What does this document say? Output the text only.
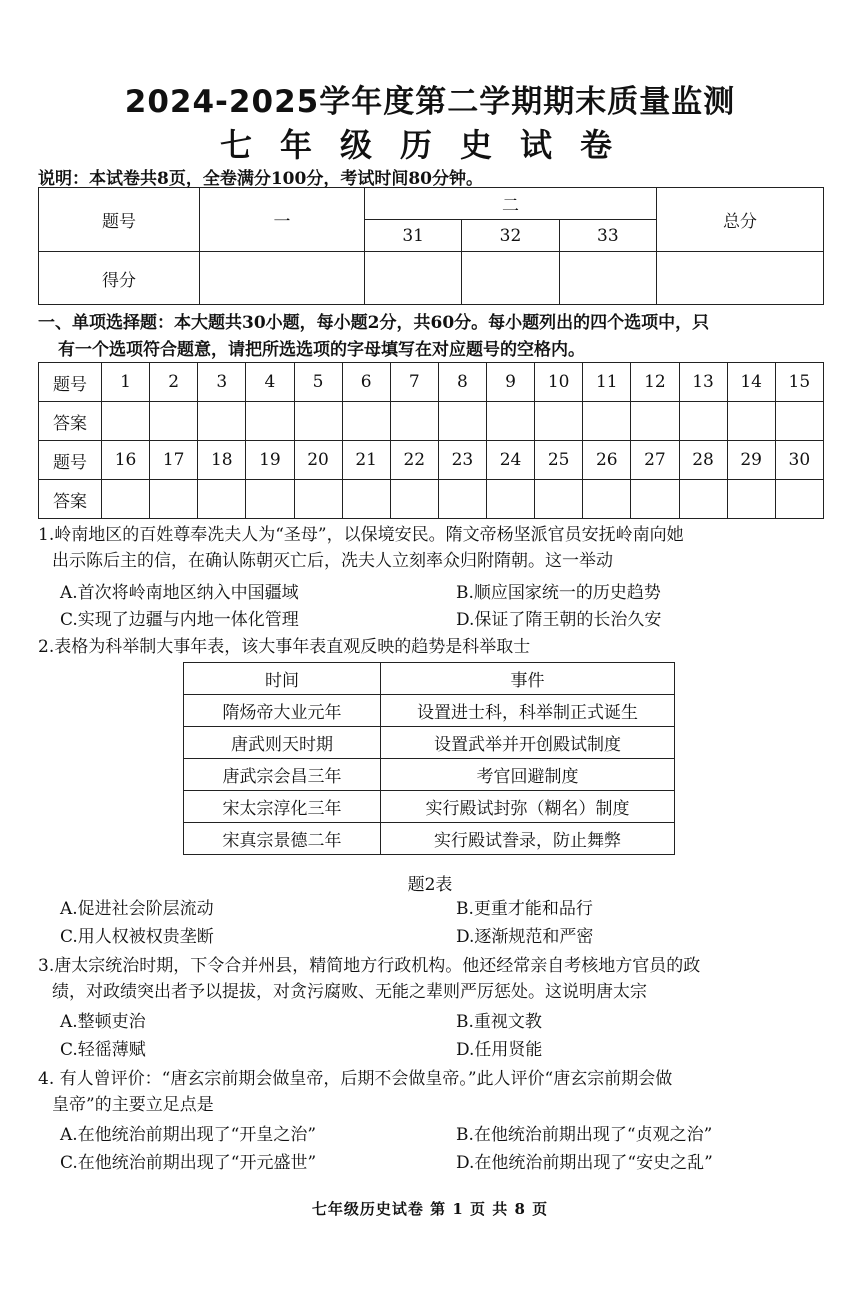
2024-2025学年度第二学期期末质量监测
七年级历史试卷
说明：本试卷共8页，全卷满分100分，考试时间80分钟。
题号	一	二			总分
		31	32	33	
得分					
一、单项选择题：本大题共30小题，每小题2分，共60分。每小题列出的四个选项中，只
有一个选项符合题意，请把所选选项的字母填写在对应题号的空格内。
题号	1	2	3	4	5	6	7	8	9	10	11	12	13	14	15
答案															
题号	16	17	18	19	20	21	22	23	24	25	26	27	28	29	30
答案															
1.岭南地区的百姓尊奉冼夫人为“圣母”，以保境安民。隋文帝杨坚派官员安抚岭南向她
出示陈后主的信，在确认陈朝灭亡后，冼夫人立刻率众归附隋朝。这一举动
A.首次将岭南地区纳入中国疆域	B.顺应国家统一的历史趋势
C.实现了边疆与内地一体化管理	D.保证了隋王朝的长治久安
2.表格为科举制大事年表，该大事年表直观反映的趋势是科举取士
时间	事件
隋炀帝大业元年	设置进士科，科举制正式诞生
唐武则天时期	设置武举并开创殿试制度
唐武宗会昌三年	考官回避制度
宋太宗淳化三年	实行殿试封弥（糊名）制度
宋真宗景德二年	实行殿试誊录，防止舞弊
题2表
A.促进社会阶层流动	B.更重才能和品行
C.用人权被权贵垄断	D.逐渐规范和严密
3.唐太宗统治时期，下令合并州县，精简地方行政机构。他还经常亲自考核地方官员的政
绩，对政绩突出者予以提拔，对贪污腐败、无能之辈则严厉惩处。这说明唐太宗
A.整顿吏治	B.重视文教
C.轻徭薄赋	D.任用贤能
4. 有人曾评价：“唐玄宗前期会做皇帝，后期不会做皇帝。”此人评价“唐玄宗前期会做
皇帝”的主要立足点是
A.在他统治前期出现了“开皇之治”	B.在他统治前期出现了“贞观之治”
C.在他统治前期出现了“开元盛世”	D.在他统治前期出现了“安史之乱”
七年级历史试卷 第 1 页 共 8 页
